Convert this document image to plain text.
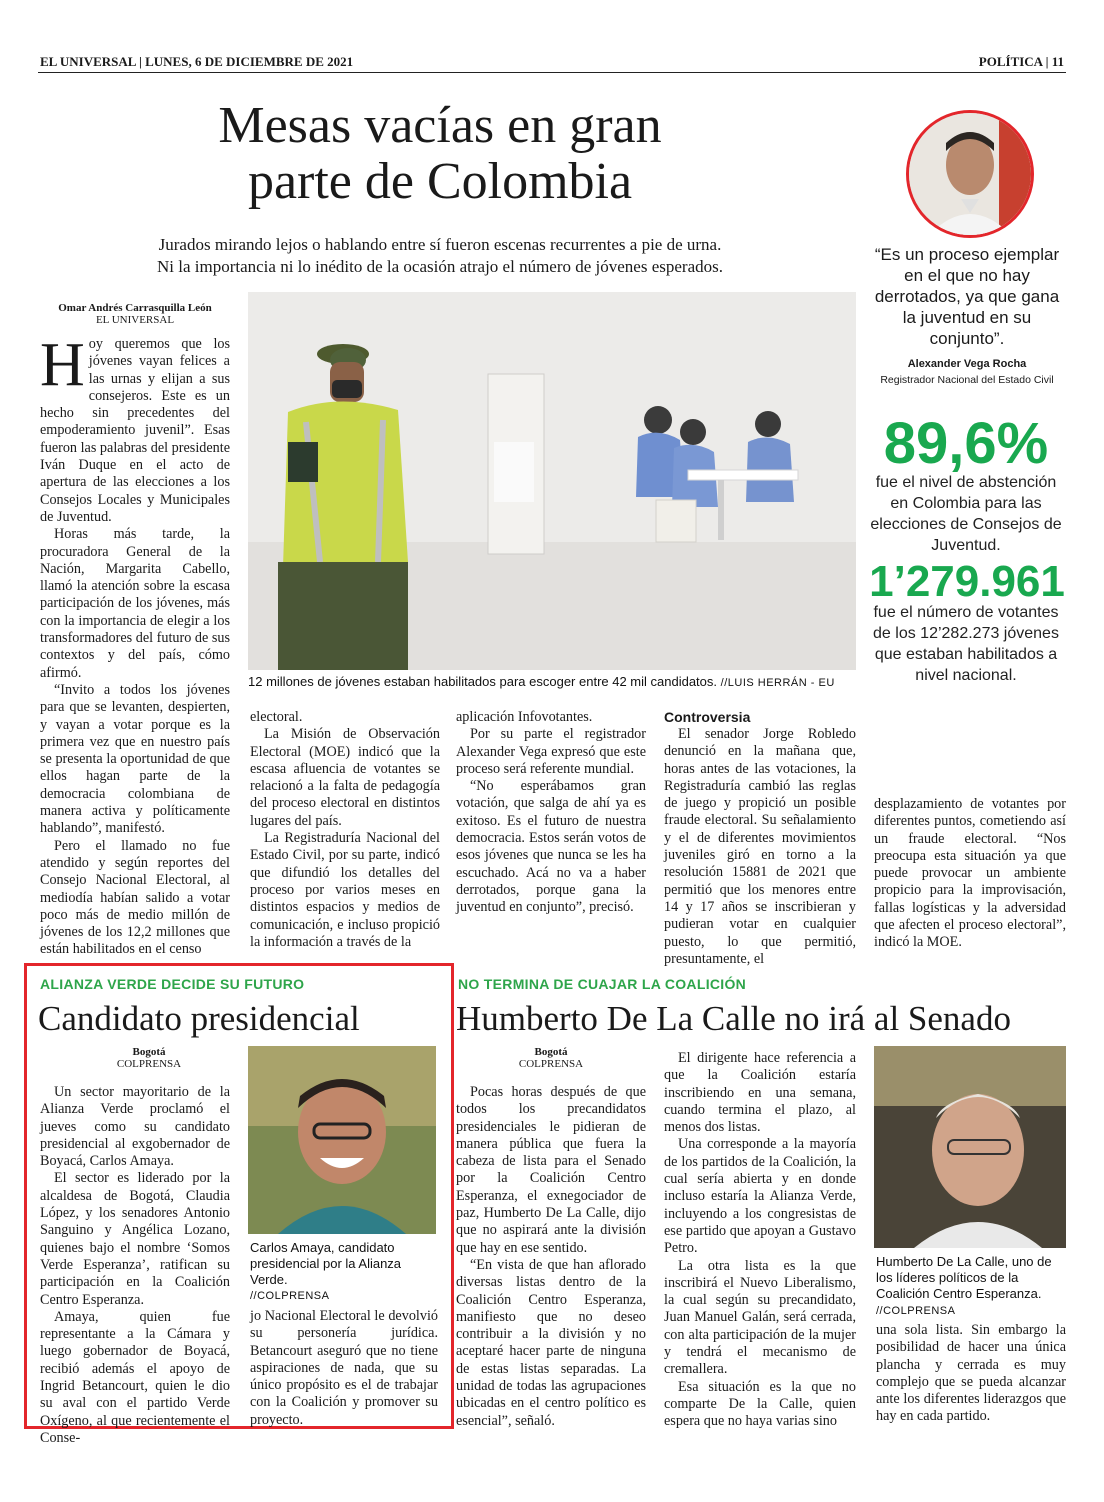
EL UNIVERSAL | LUNES, 6 DE DICIEMBRE DE 2021	POLÍTICA | 11
Mesas vacías en gran
parte de Colombia
Jurados mirando lejos o hablando entre sí fueron escenas recurrentes a pie de urna.
Ni la importancia ni lo inédito de la ocasión atrajo el número de jóvenes esperados.
Omar Andrés Carrasquilla León
EL UNIVERSAL
H oy queremos que los jóvenes vayan felices a las urnas y elijan a sus consejeros. Este es un hecho sin precedentes del empoderamiento juvenil”. Esas fueron las palabras del presidente Iván Duque en el acto de apertura de las elecciones a los Consejos Locales y Municipales de Juventud.

Horas más tarde, la procuradora General de la Nación, Margarita Cabello, llamó la atención sobre la escasa participación de los jóvenes, más con la importancia de elegir a los transformadores del futuro de sus contextos y del país, cómo afirmó.

“Invito a todos los jóvenes para que se levanten, despierten, y vayan a votar porque es la primera vez que en nuestro país se presenta la oportunidad de que ellos hagan parte de la democracia colombiana de manera activa y políticamente hablando”, manifestó.

Pero el llamado no fue atendido y según reportes del Consejo Nacional Electoral, al mediodía habían salido a votar poco más de medio millón de jóvenes de los 12,2 millones que están habilitados en el censo

12 millones de jóvenes estaban habilitados para escoger entre 42 mil candidatos. //LUIS HERRÁN - EU

electoral.

La Misión de Observación Electoral (MOE) indicó que la escasa afluencia de votantes se relacionó a la falta de pedagogía del proceso electoral en distintos lugares del país.

La Registraduría Nacional del Estado Civil, por su parte, indicó que difundió los detalles del proceso por varios meses en distintos espacios y medios de comunicación, e incluso propició la información a través de la

aplicación Infovotantes.

Por su parte el registrador Alexander Vega expresó que este proceso será referente mundial.

“No esperábamos gran votación, que salga de ahí ya es exitoso. Es el futuro de nuestra democracia. Estos serán votos de esos jóvenes que nunca se les ha escuchado. Acá no va a haber derrotados, porque gana la juventud en conjunto”, precisó.

Controversia

El senador Jorge Robledo denunció en la mañana que, horas antes de las votaciones, la Registraduría cambió las reglas de juego y propició un posible fraude electoral. Su señalamiento y el de diferentes movimientos juveniles giró en torno a la resolución 15881 de 2021 que permitió que los menores entre 14 y 17 años se inscribieran y pudieran votar en cualquier puesto, lo que permitió, presuntamente, el

desplazamiento de votantes por diferentes puntos, cometiendo así un fraude electoral. “Nos preocupa esta situación ya que puede provocar un ambiente propicio para la improvisación, fallas logísticas y la adversidad que afecten el proceso electoral”, indicó la MOE.

“Es un proceso ejemplar en el que no hay derrotados, ya que gana la juventud en su conjunto”.
Alexander Vega Rocha
Registrador Nacional del Estado Civil
89,6%
fue el nivel de abstención en Colombia para las elecciones de Consejos de Juventud.
1’279.961
fue el número de votantes de los 12’282.273 jóvenes que estaban habilitados a nivel nacional.
ALIANZA VERDE DECIDE SU FUTURO
Candidato presidencial
Bogotá
COLPRENSA

Un sector mayoritario de la Alianza Verde proclamó el jueves como su candidato presidencial al exgobernador de Boyacá, Carlos Amaya.

El sector es liderado por la alcaldesa de Bogotá, Claudia López, y los senadores Antonio Sanguino y Angélica Lozano, quienes bajo el nombre ‘Somos Verde Esperanza’, ratifican su participación en la Coalición Centro Esperanza.

Amaya, quien fue representante a la Cámara y luego gobernador de Boyacá, recibió además el apoyo de Ingrid Betancourt, quien le dio su aval con el partido Verde Oxígeno, al que recientemente el Conse-

Carlos Amaya, candidato presidencial por la Alianza Verde.
//COLPRENSA

jo Nacional Electoral le devolvió su personería jurídica. Betancourt aseguró que no tiene aspiraciones de nada, que su único propósito es el de trabajar con la Coalición y promover su proyecto.

NO TERMINA DE CUAJAR LA COALICIÓN
Humberto De La Calle no irá al Senado
Bogotá
COLPRENSA

Pocas horas después de que todos los precandidatos presidenciales le pidieran de manera pública que fuera la cabeza de lista para el Senado por la Coalición Centro Esperanza, el exnegociador de paz, Humberto De La Calle, dijo que no aspirará ante la división que hay en ese sentido.

“En vista de que han aflorado diversas listas dentro de la Coalición Centro Esperanza, manifiesto que no deseo contribuir a la división y no aceptaré hacer parte de ninguna de estas listas separadas. La unidad de todas las agrupaciones ubicadas en el centro político es esencial”, señaló.

El dirigente hace referencia a que la Coalición estaría inscribiendo en una semana, cuando termina el plazo, al menos dos listas.

Una corresponde a la mayoría de los partidos de la Coalición, la cual sería abierta y en donde incluso estaría la Alianza Verde, incluyendo a los congresistas de ese partido que apoyan a Gustavo Petro.

La otra lista es la que inscribirá el Nuevo Liberalismo, la cual según su precandidato, Juan Manuel Galán, será cerrada, con alta participación de la mujer y tendrá el mecanismo de cremallera.

Esa situación es la que no comparte De la Calle, quien espera que no haya varias sino

Humberto De La Calle, uno de los líderes políticos de la Coalición Centro Esperanza. //COLPRENSA

una sola lista. Sin embargo la posibilidad de hacer una única plancha y cerrada es muy complejo que se pueda alcanzar ante los diferentes liderazgos que hay en cada partido.
